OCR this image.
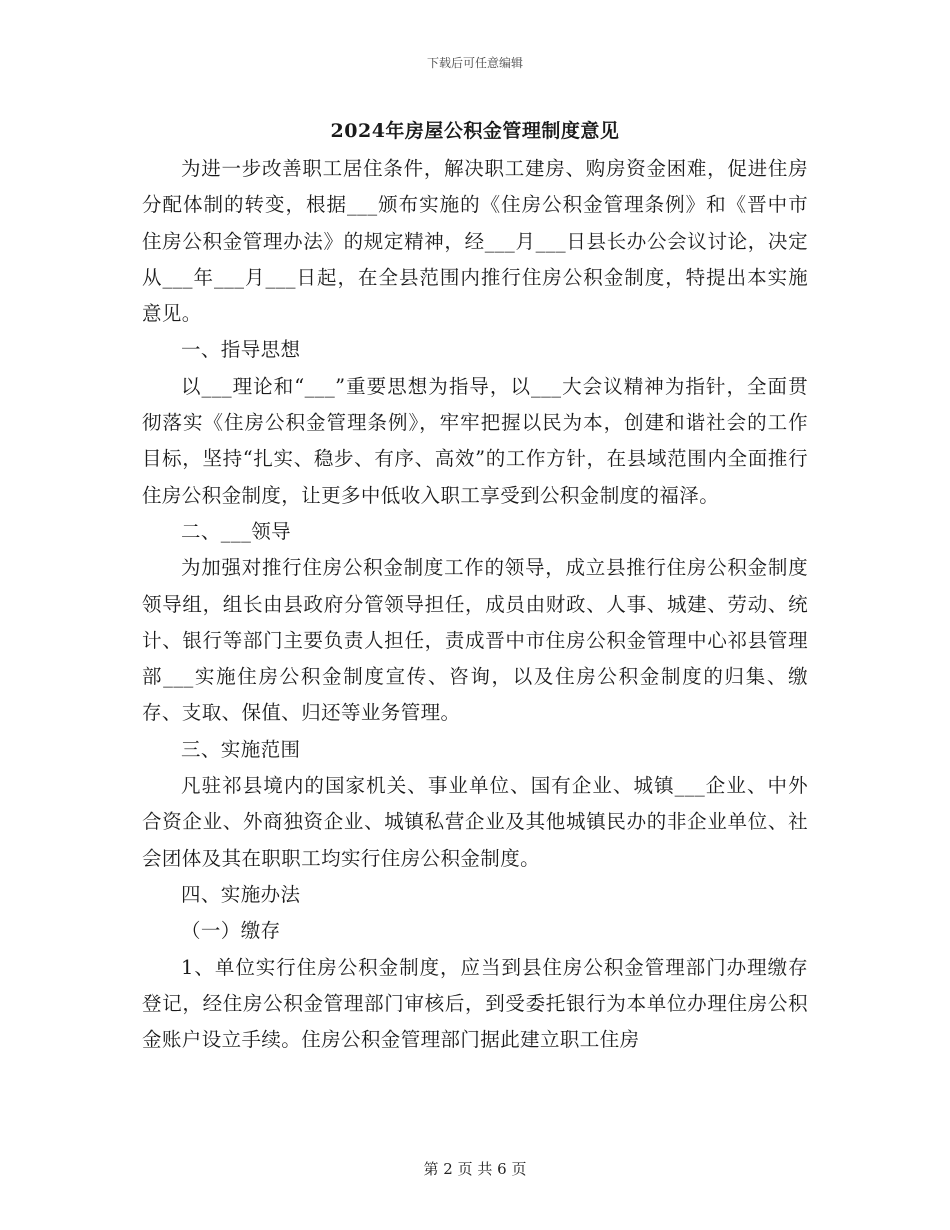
下载后可任意编辑
2024年房屋公积金管理制度意见

为进一步改善职工居住条件，解决职工建房、购房资金困难，促进住房分配体制的转变，根据___颁布实施的《住房公积金管理条例》和《晋中市住房公积金管理办法》的规定精神，经___月___日县长办公会议讨论，决定从___年___月___日起，在全县范围内推行住房公积金制度，特提出本实施意见。

一、指导思想

以___理论和“___”重要思想为指导，以___大会议精神为指针，全面贯彻落实《住房公积金管理条例》，牢牢把握以民为本，创建和谐社会的工作目标，坚持“扎实、稳步、有序、高效”的工作方针，在县域范围内全面推行住房公积金制度，让更多中低收入职工享受到公积金制度的福泽。

二、___领导

为加强对推行住房公积金制度工作的领导，成立县推行住房公积金制度领导组，组长由县政府分管领导担任，成员由财政、人事、城建、劳动、统计、银行等部门主要负责人担任，责成晋中市住房公积金管理中心祁县管理部___实施住房公积金制度宣传、咨询，以及住房公积金制度的归集、缴存、支取、保值、归还等业务管理。

三、实施范围

凡驻祁县境内的国家机关、事业单位、国有企业、城镇___企业、中外合资企业、外商独资企业、城镇私营企业及其他城镇民办的非企业单位、社会团体及其在职职工均实行住房公积金制度。

四、实施办法

（一）缴存

1、单位实行住房公积金制度，应当到县住房公积金管理部门办理缴存登记，经住房公积金管理部门审核后，到受委托银行为本单位办理住房公积金账户设立手续。住房公积金管理部门据此建立职工住房

第 2 页 共 6 页
